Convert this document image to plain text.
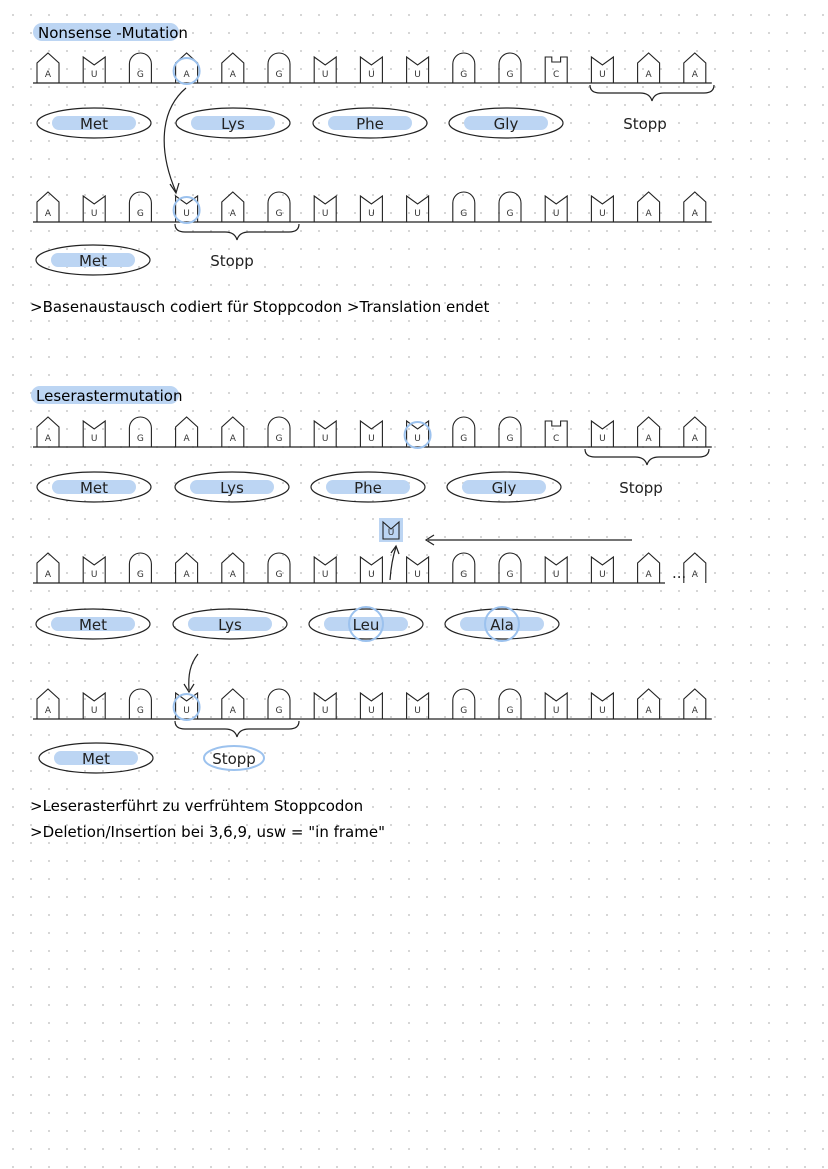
Nonsense -Mutation
A	U	G	A	A	G	U	U	U	G	G	C	U	A	A
Met	Lys	Phe	Gly	Stopp
A	U	G	U	A	G	U	U	U	G	G	U	U	A	A
Met	Stopp
>Basenaustausch codiert für Stoppcodon >Translation endet
Leserastermutation
A	U	G	A	A	G	U	U	U	G	G	C	U	A	A
Met	Lys	Phe	Gly	Stopp
U
A	U	G	A	A	G	U	U	U	G	G	U	U	A	A
...
Met	Lys	Leu	Ala
A	U	G	U	A	G	U	U	U	G	G	U	U	A	A
Met	Stopp
>Leserasterführt zu verfrühtem Stoppcodon
>Deletion/Insertion bei 3,6,9, usw = "in frame"
